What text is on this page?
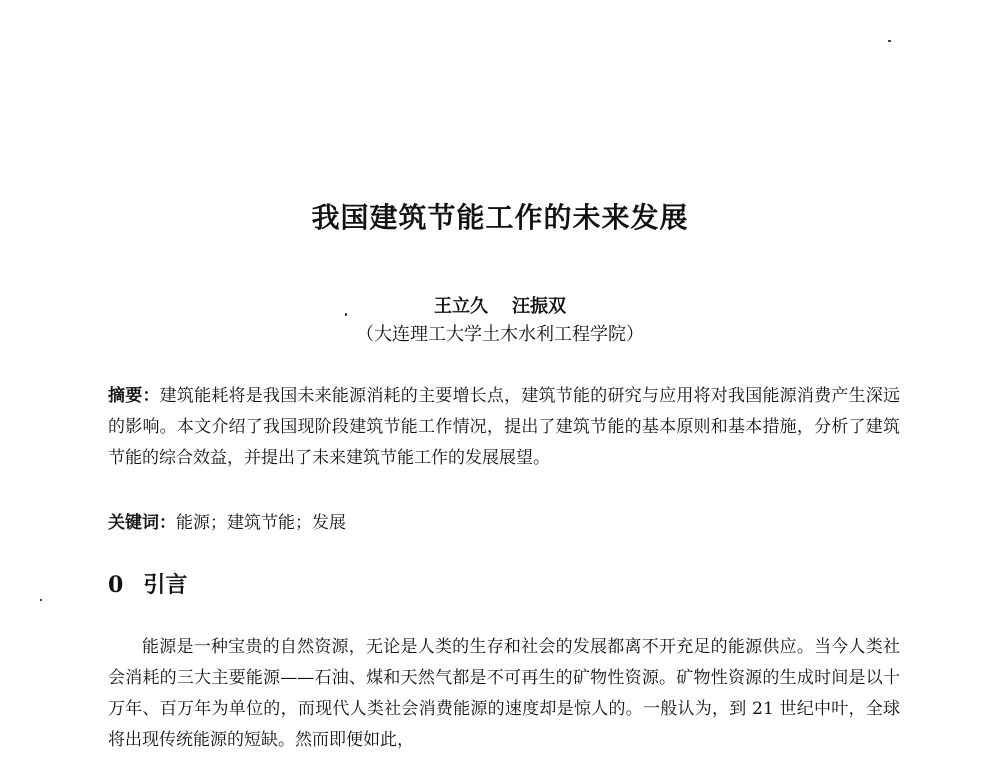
我国建筑节能工作的未来发展
王立久 汪振双
（大连理工大学土木水利工程学院）

摘要：建筑能耗将是我国未来能源消耗的主要增长点，建筑节能的研究与应用将对我国能源消费产生深远的影响。本文介绍了我国现阶段建筑节能工作情况，提出了建筑节能的基本原则和基本措施，分析了建筑节能的综合效益，并提出了未来建筑节能工作的发展展望。

关键词：能源；建筑节能；发展
0 引言

能源是一种宝贵的自然资源，无论是人类的生存和社会的发展都离不开充足的能源供应。当今人类社会消耗的三大主要能源——石油、煤和天然气都是不可再生的矿物性资源。矿物性资源的生成时间是以十万年、百万年为单位的，而现代人类社会消费能源的速度却是惊人的。一般认为，到 21 世纪中叶，全球将出现传统能源的短缺。然而即便如此，
